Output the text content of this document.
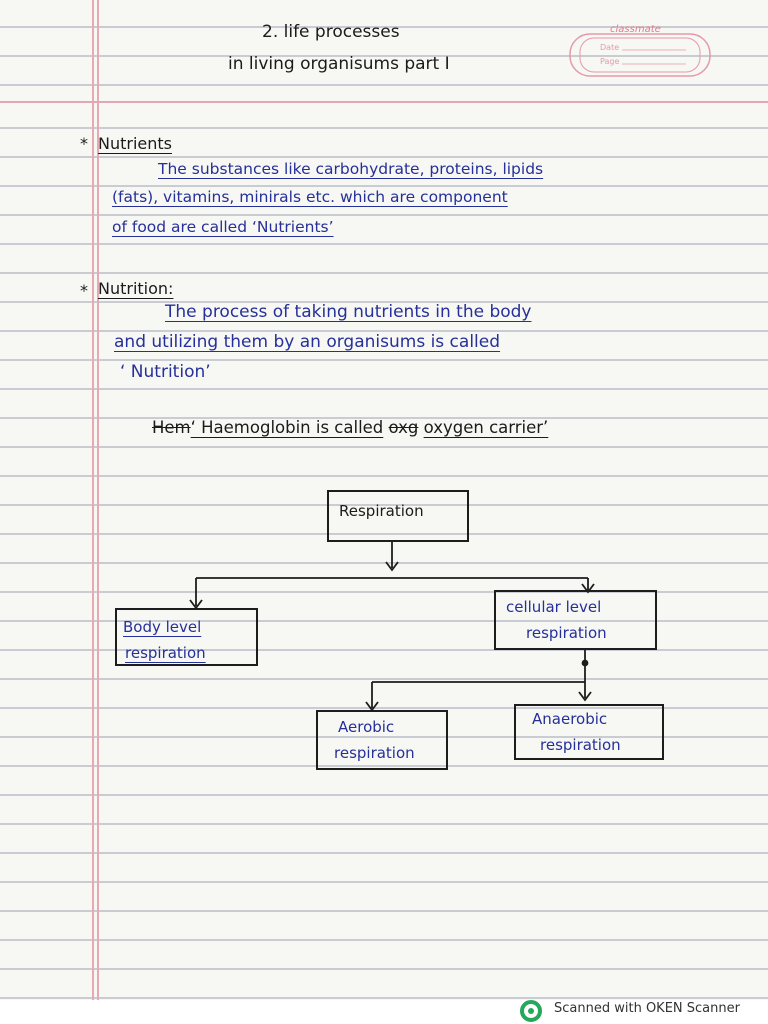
2. life processes
in living organisums part I
classmate
Date
Page
* Nutrients
The substances like carbohydrate, proteins, lipids
(fats), vitamins, minirals etc. which are component
of food are called ‘Nutrients’
* Nutrition:
The process of taking nutrients in the body
and utilizing them by an organisums is called
‘ Nutrition’
Hem‘ Haemoglobin is called oxg oxygen carrier’
Respiration
Body level
respiration
cellular level
respiration
Aerobic
respiration
Anaerobic
respiration
Scanned with OKEN Scanner
